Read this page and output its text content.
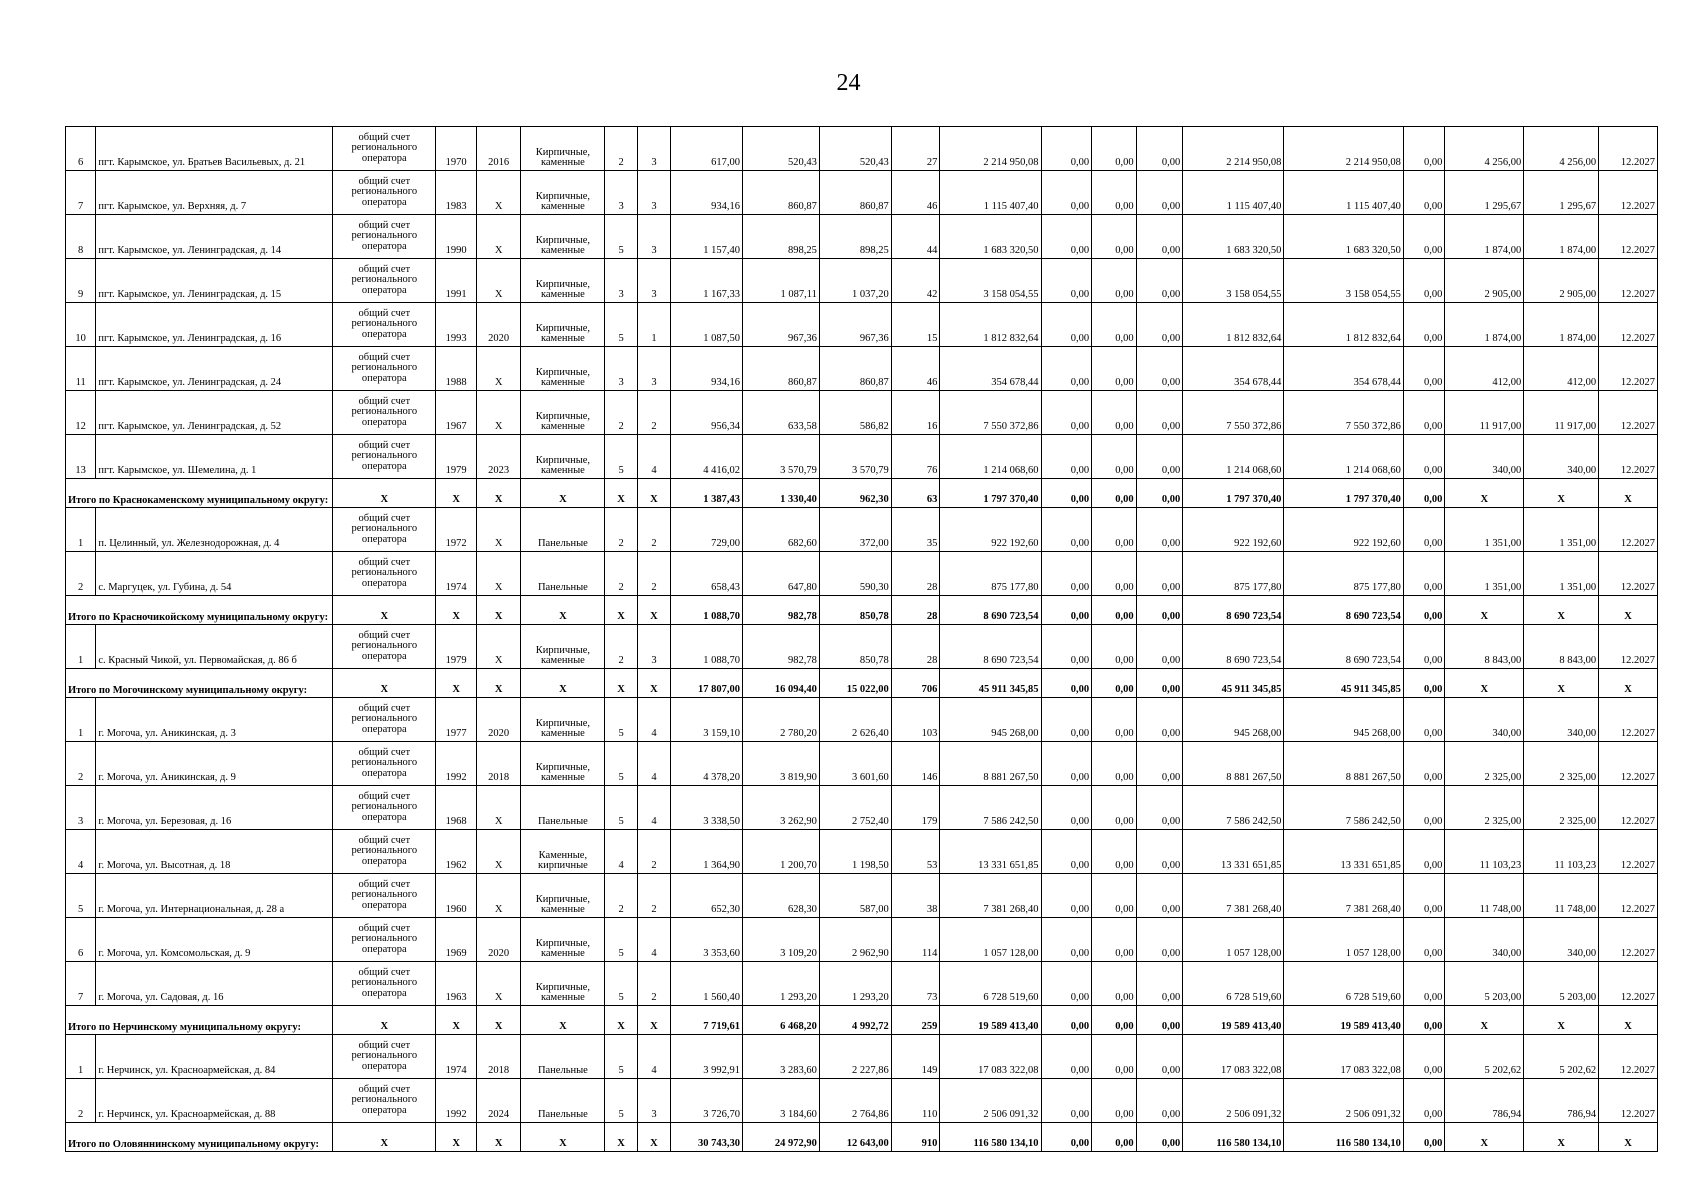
24
6	пгт. Карымское, ул. Братьев Васильевых, д. 21	общий счет регионального оператора	1970	2016	Кирпичные, каменные	2	3	617,00	520,43	520,43	27	2 214 950,08	0,00	0,00	0,00	2 214 950,08	2 214 950,08	0,00	4 256,00	4 256,00	12.2027
7	пгт. Карымское, ул. Верхняя, д. 7	общий счет регионального оператора	1983	Х	Кирпичные, каменные	3	3	934,16	860,87	860,87	46	1 115 407,40	0,00	0,00	0,00	1 115 407,40	1 115 407,40	0,00	1 295,67	1 295,67	12.2027
8	пгт. Карымское, ул. Ленинградская, д. 14	общий счет регионального оператора	1990	Х	Кирпичные, каменные	5	3	1 157,40	898,25	898,25	44	1 683 320,50	0,00	0,00	0,00	1 683 320,50	1 683 320,50	0,00	1 874,00	1 874,00	12.2027
9	пгт. Карымское, ул. Ленинградская, д. 15	общий счет регионального оператора	1991	Х	Кирпичные, каменные	3	3	1 167,33	1 087,11	1 037,20	42	3 158 054,55	0,00	0,00	0,00	3 158 054,55	3 158 054,55	0,00	2 905,00	2 905,00	12.2027
10	пгт. Карымское, ул. Ленинградская, д. 16	общий счет регионального оператора	1993	2020	Кирпичные, каменные	5	1	1 087,50	967,36	967,36	15	1 812 832,64	0,00	0,00	0,00	1 812 832,64	1 812 832,64	0,00	1 874,00	1 874,00	12.2027
11	пгт. Карымское, ул. Ленинградская, д. 24	общий счет регионального оператора	1988	Х	Кирпичные, каменные	3	3	934,16	860,87	860,87	46	354 678,44	0,00	0,00	0,00	354 678,44	354 678,44	0,00	412,00	412,00	12.2027
12	пгт. Карымское, ул. Ленинградская, д. 52	общий счет регионального оператора	1967	Х	Кирпичные, каменные	2	2	956,34	633,58	586,82	16	7 550 372,86	0,00	0,00	0,00	7 550 372,86	7 550 372,86	0,00	11 917,00	11 917,00	12.2027
13	пгт. Карымское, ул. Шемелина, д. 1	общий счет регионального оператора	1979	2023	Кирпичные, каменные	5	4	4 416,02	3 570,79	3 570,79	76	1 214 068,60	0,00	0,00	0,00	1 214 068,60	1 214 068,60	0,00	340,00	340,00	12.2027
Итого по Краснокаменскому муниципальному округу:		Х	Х	Х	Х	Х	Х	1 387,43	1 330,40	962,30	63	1 797 370,40	0,00	0,00	0,00	1 797 370,40	1 797 370,40	0,00	Х	Х	Х
1	п. Целинный, ул. Железнодорожная, д. 4	общий счет регионального оператора	1972	Х	Панельные	2	2	729,00	682,60	372,00	35	922 192,60	0,00	0,00	0,00	922 192,60	922 192,60	0,00	1 351,00	1 351,00	12.2027
2	с. Маргуцек, ул. Губина, д. 54	общий счет регионального оператора	1974	Х	Панельные	2	2	658,43	647,80	590,30	28	875 177,80	0,00	0,00	0,00	875 177,80	875 177,80	0,00	1 351,00	1 351,00	12.2027
Итого по Красночикойскому муниципальному округу:		Х	Х	Х	Х	Х	Х	1 088,70	982,78	850,78	28	8 690 723,54	0,00	0,00	0,00	8 690 723,54	8 690 723,54	0,00	Х	Х	Х
1	с. Красный Чикой, ул. Первомайская, д. 86 б	общий счет регионального оператора	1979	Х	Кирпичные, каменные	2	3	1 088,70	982,78	850,78	28	8 690 723,54	0,00	0,00	0,00	8 690 723,54	8 690 723,54	0,00	8 843,00	8 843,00	12.2027
Итого по Могочинскому муниципальному округу:		Х	Х	Х	Х	Х	Х	17 807,00	16 094,40	15 022,00	706	45 911 345,85	0,00	0,00	0,00	45 911 345,85	45 911 345,85	0,00	Х	Х	Х
1	г. Могоча, ул. Аникинская, д. 3	общий счет регионального оператора	1977	2020	Кирпичные, каменные	5	4	3 159,10	2 780,20	2 626,40	103	945 268,00	0,00	0,00	0,00	945 268,00	945 268,00	0,00	340,00	340,00	12.2027
2	г. Могоча, ул. Аникинская, д. 9	общий счет регионального оператора	1992	2018	Кирпичные, каменные	5	4	4 378,20	3 819,90	3 601,60	146	8 881 267,50	0,00	0,00	0,00	8 881 267,50	8 881 267,50	0,00	2 325,00	2 325,00	12.2027
3	г. Могоча, ул. Березовая, д. 16	общий счет регионального оператора	1968	Х	Панельные	5	4	3 338,50	3 262,90	2 752,40	179	7 586 242,50	0,00	0,00	0,00	7 586 242,50	7 586 242,50	0,00	2 325,00	2 325,00	12.2027
4	г. Могоча, ул. Высотная, д. 18	общий счет регионального оператора	1962	Х	Каменные, кирпичные	4	2	1 364,90	1 200,70	1 198,50	53	13 331 651,85	0,00	0,00	0,00	13 331 651,85	13 331 651,85	0,00	11 103,23	11 103,23	12.2027
5	г. Могоча, ул. Интернациональная, д. 28 а	общий счет регионального оператора	1960	Х	Кирпичные, каменные	2	2	652,30	628,30	587,00	38	7 381 268,40	0,00	0,00	0,00	7 381 268,40	7 381 268,40	0,00	11 748,00	11 748,00	12.2027
6	г. Могоча, ул. Комсомольская, д. 9	общий счет регионального оператора	1969	2020	Кирпичные, каменные	5	4	3 353,60	3 109,20	2 962,90	114	1 057 128,00	0,00	0,00	0,00	1 057 128,00	1 057 128,00	0,00	340,00	340,00	12.2027
7	г. Могоча, ул. Садовая, д. 16	общий счет регионального оператора	1963	Х	Кирпичные, каменные	5	2	1 560,40	1 293,20	1 293,20	73	6 728 519,60	0,00	0,00	0,00	6 728 519,60	6 728 519,60	0,00	5 203,00	5 203,00	12.2027
Итого по Нерчинскому муниципальному округу:		Х	Х	Х	Х	Х	Х	7 719,61	6 468,20	4 992,72	259	19 589 413,40	0,00	0,00	0,00	19 589 413,40	19 589 413,40	0,00	Х	Х	Х
1	г. Нерчинск, ул. Красноармейская, д. 84	общий счет регионального оператора	1974	2018	Панельные	5	4	3 992,91	3 283,60	2 227,86	149	17 083 322,08	0,00	0,00	0,00	17 083 322,08	17 083 322,08	0,00	5 202,62	5 202,62	12.2027
2	г. Нерчинск, ул. Красноармейская, д. 88	общий счет регионального оператора	1992	2024	Панельные	5	3	3 726,70	3 184,60	2 764,86	110	2 506 091,32	0,00	0,00	0,00	2 506 091,32	2 506 091,32	0,00	786,94	786,94	12.2027
Итого по Оловяннинскому муниципальному округу:		Х	Х	Х	Х	Х	Х	30 743,30	24 972,90	12 643,00	910	116 580 134,10	0,00	0,00	0,00	116 580 134,10	116 580 134,10	0,00	Х	Х	Х
